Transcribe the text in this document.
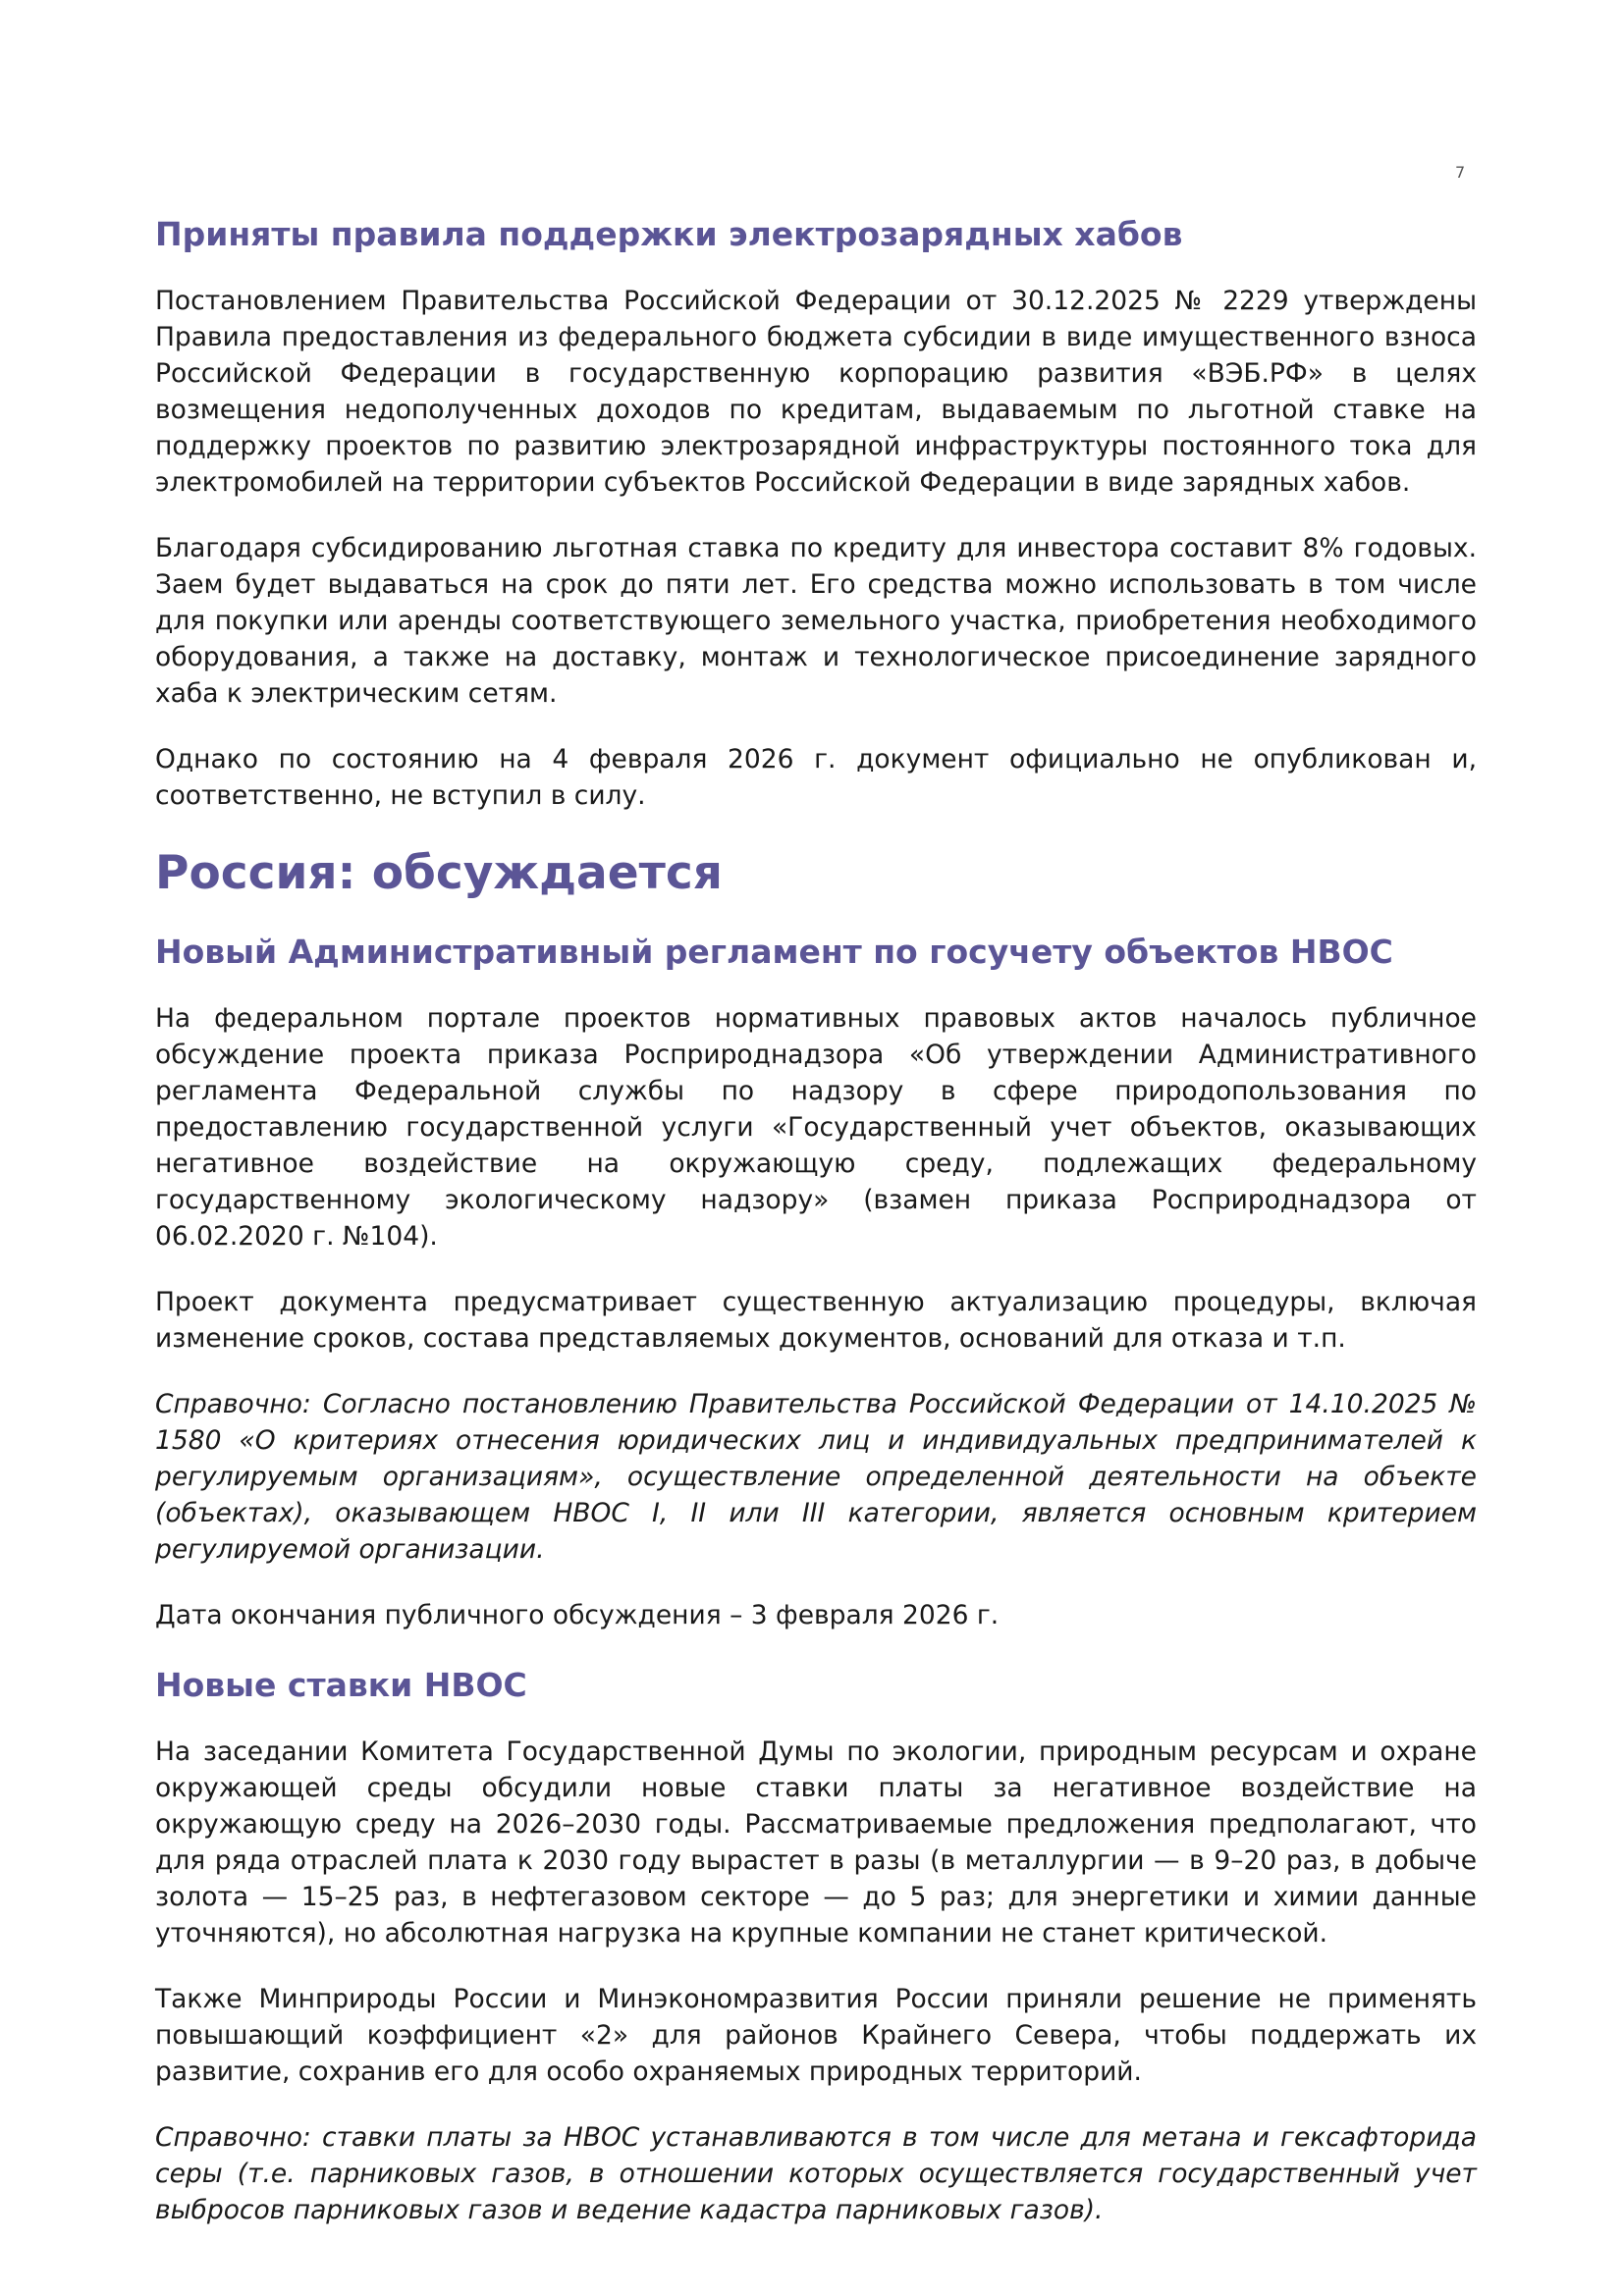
7
Приняты правила поддержки электрозарядных хабов

Постановлением Правительства Российской Федерации от 30.12.2025 № 2229 утверждены Правила предоставления из федерального бюджета субсидии в виде имущественного взноса Российской Федерации в государственную корпорацию развития «ВЭБ.РФ» в целях возмещения недополученных доходов по кредитам, выдаваемым по льготной ставке на поддержку проектов по развитию электрозарядной инфраструктуры постоянного тока для электромобилей на территории субъектов Российской Федерации в виде зарядных хабов.

Благодаря субсидированию льготная ставка по кредиту для инвестора составит 8% годовых. Заем будет выдаваться на срок до пяти лет. Его средства можно использовать в том числе для покупки или аренды соответствующего земельного участка, приобретения необходимого оборудования, а также на доставку, монтаж и технологическое присоединение зарядного хаба к электрическим сетям.

Однако по состоянию на 4 февраля 2026 г. документ официально не опубликован и, соответственно, не вступил в силу.

Россия: обсуждается
Новый Административный регламент по госучету объектов НВОС

На федеральном портале проектов нормативных правовых актов началось публичное обсуждение проекта приказа Росприроднадзора «Об утверждении Административного регламента Федеральной службы по надзору в сфере природопользования по предоставлению государственной услуги «Государственный учет объектов, оказывающих негативное воздействие на окружающую среду, подлежащих федеральному государственному экологическому надзору» (взамен приказа Росприроднадзора от 06.02.2020 г. №104).

Проект документа предусматривает существенную актуализацию процедуры, включая изменение сроков, состава представляемых документов, оснований для отказа и т.п.

Справочно: Согласно постановлению Правительства Российской Федерации от 14.10.2025 № 1580 «О критериях отнесения юридических лиц и индивидуальных предпринимателей к регулируемым организациям», осуществление определенной деятельности на объекте (объектах), оказывающем НВОС I, II или III категории, является основным критерием регулируемой организации.

Дата окончания публичного обсуждения – 3 февраля 2026 г.

Новые ставки НВОС

На заседании Комитета Государственной Думы по экологии, природным ресурсам и охране окружающей среды обсудили новые ставки платы за негативное воздействие на окружающую среду на 2026–2030 годы. Рассматриваемые предложения предполагают, что для ряда отраслей плата к 2030 году вырастет в разы (в металлургии — в 9–20 раз, в добыче золота — 15–25 раз, в нефтегазовом секторе — до 5 раз; для энергетики и химии данные уточняются), но абсолютная нагрузка на крупные компании не станет критической.

Также Минприроды России и Минэкономразвития России приняли решение не применять повышающий коэффициент «2» для районов Крайнего Севера, чтобы поддержать их развитие, сохранив его для особо охраняемых природных территорий.

Справочно: ставки платы за НВОС устанавливаются в том числе для метана и гексафторида серы (т.е. парниковых газов, в отношении которых осуществляется государственный учет выбросов парниковых газов и ведение кадастра парниковых газов).
